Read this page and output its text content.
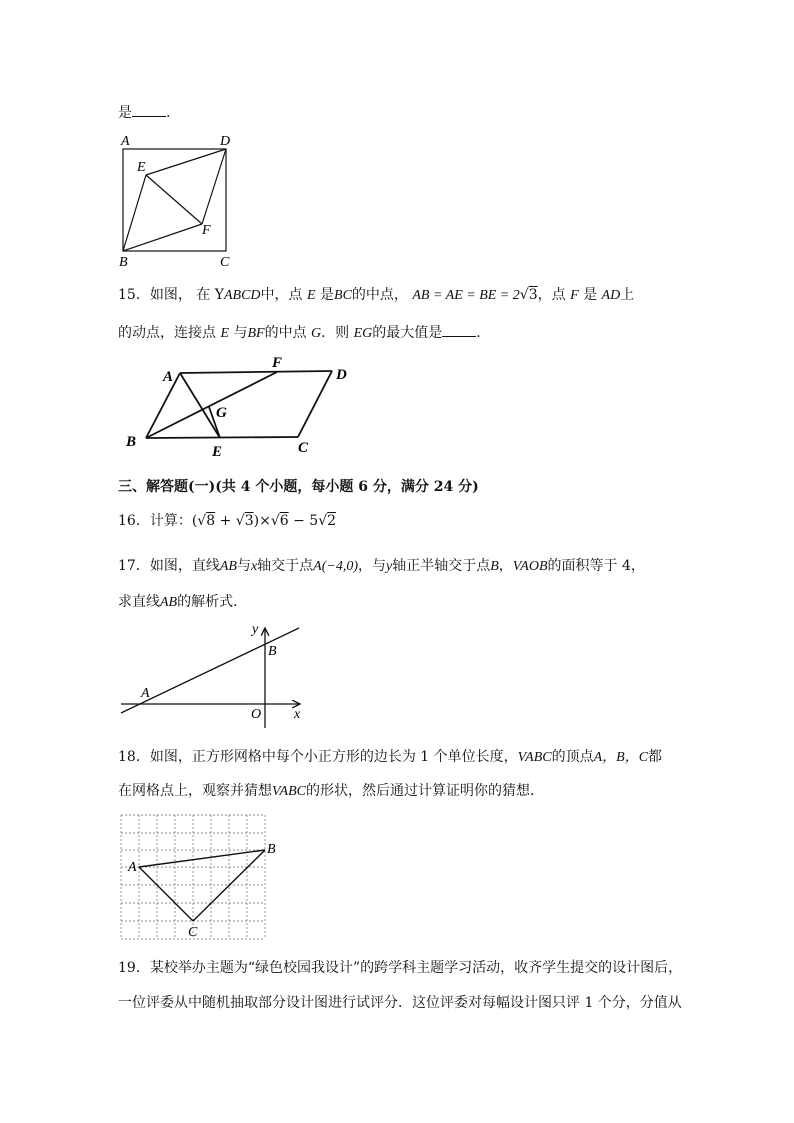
是 .
A	D
E
F
B	C
15．如图， 在 YABCD中，点 E 是BC的中点， AB = AE = BE = 2√3，点 F 是 AD上
的动点，连接点 E 与BF的中点 G．则 EG的最大值是 .
A
F
D
G
B
E	C
三、解答题(一)(共 4 个小题，每小题 6 分，满分 24 分)
16．计算：(√8 + √3)×√6 − 5√2
17．如图，直线AB与x轴交于点A(−4,0)，与y轴正半轴交于点B，VAOB的面积等于 4，
求直线AB的解析式．
y
B
A
O x
18．如图，正方形网格中每个小正方形的边长为 1 个单位长度，VABC的顶点A，B，C都
在网格点上，观察并猜想VABC的形状，然后通过计算证明你的猜想．
A
B
C
19．某校举办主题为“绿色校园我设计”的跨学科主题学习活动，收齐学生提交的设计图后，
一位评委从中随机抽取部分设计图进行试评分．这位评委对每幅设计图只评 1 个分，分值从
